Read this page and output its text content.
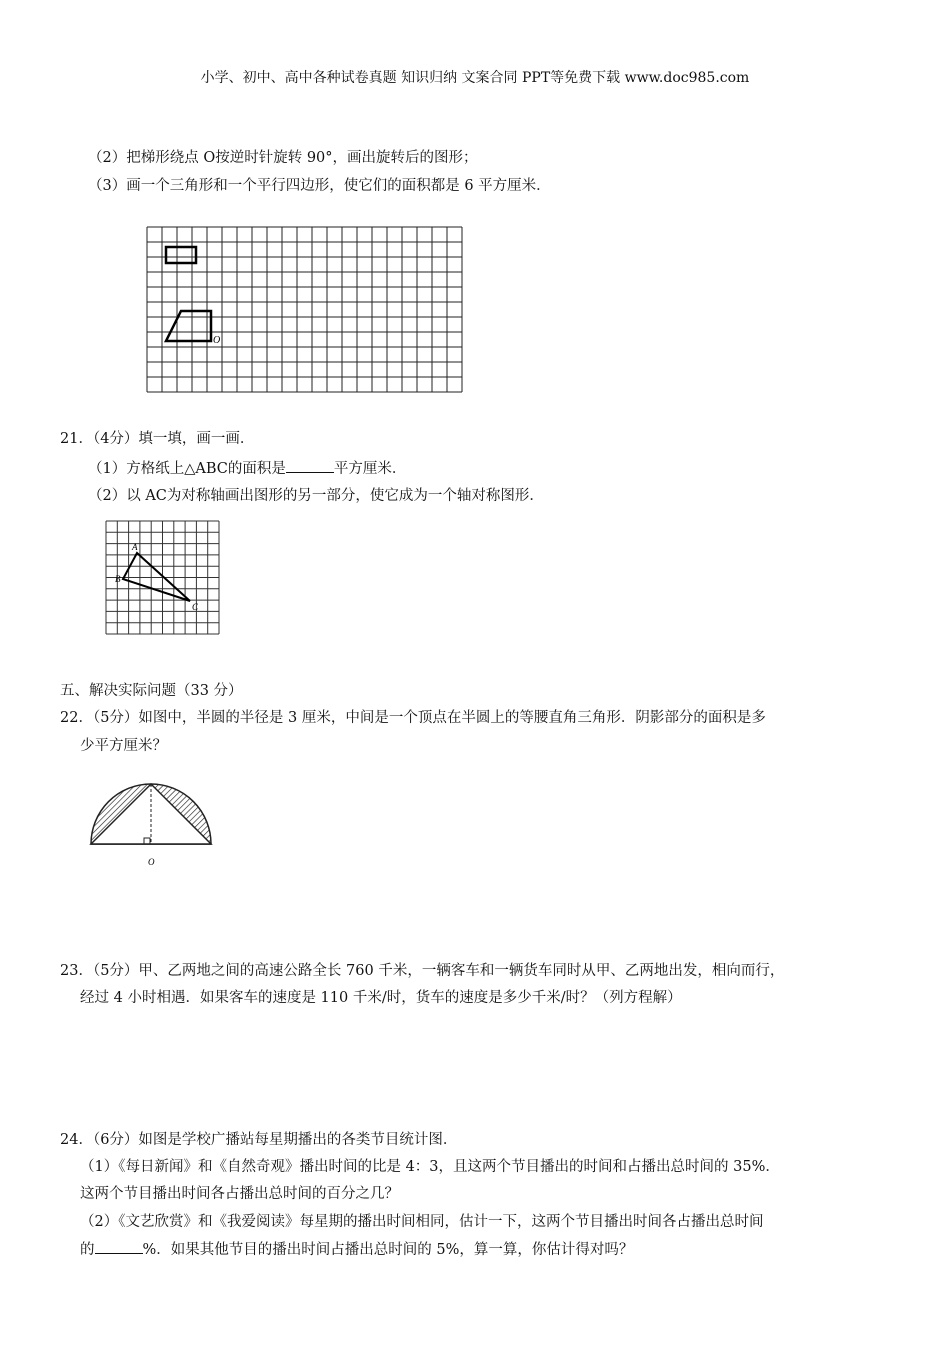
小学、初中、高中各种试卷真题 知识归纳 文案合同 PPT等免费下载 www.doc985.com
（2）把梯形绕点 O按逆时针旋转 90°，画出旋转后的图形；
（3）画一个三角形和一个平行四边形，使它们的面积都是 6 平方厘米．
O
21．（4分）填一填，画一画．
（1）方格纸上△ABC的面积是	平方厘米．
（2）以 AC为对称轴画出图形的另一部分，使它成为一个轴对称图形．
A
B
C
五、解决实际问题（33 分）
22．（5分）如图中，半圆的半径是 3 厘米，中间是一个顶点在半圆上的等腰直角三角形．阴影部分的面积是多
少平方厘米？
O
23．（5分）甲、乙两地之间的高速公路全长 760 千米，一辆客车和一辆货车同时从甲、乙两地出发，相向而行，
经过 4 小时相遇．如果客车的速度是 110 千米/时，货车的速度是多少千米/时？（列方程解）
24．（6分）如图是学校广播站每星期播出的各类节目统计图．
（1）《每日新闻》和《自然奇观》播出时间的比是 4：3，且这两个节目播出的时间和占播出总时间的 35%．
这两个节目播出时间各占播出总时间的百分之几？
（2）《文艺欣赏》和《我爱阅读》每星期的播出时间相同，估计一下，这两个节目播出时间各占播出总时间
的	%．如果其他节目的播出时间占播出总时间的 5%，算一算，你估计得对吗？
